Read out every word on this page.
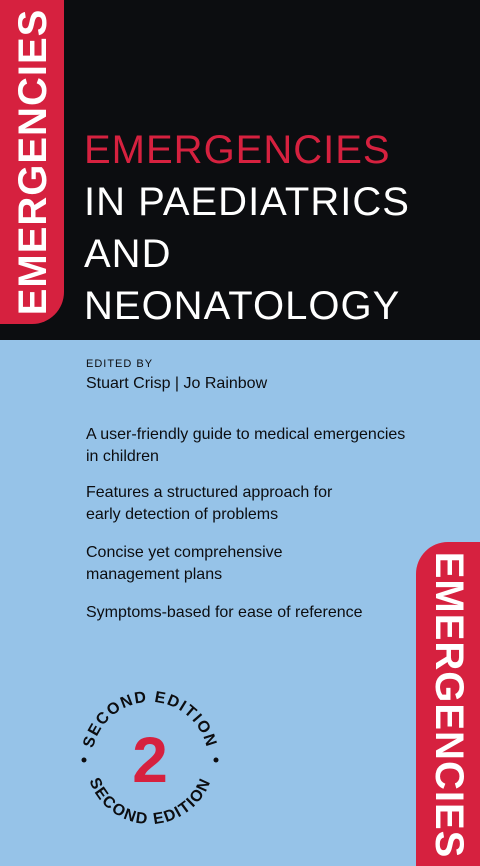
EMERGENCIES
EMERGENCIES
EMERGENCIES
IN PAEDIATRICS
AND
NEONATOLOGY
EDITED BY
Stuart Crisp | Jo Rainbow
A user-friendly guide to medical emergencies
in children
Features a structured approach for
early detection of problems
Concise yet comprehensive
management plans
Symptoms-based for ease of reference
SECOND EDITION
SECOND EDITION
2
